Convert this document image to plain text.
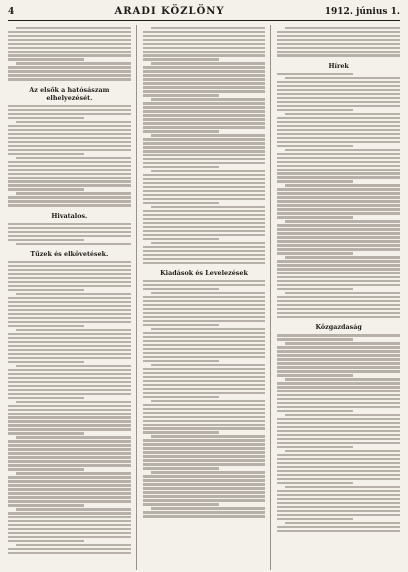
4	ARADI KÖZLÖNY	1912. június 1.
Az elsők a hatósászam elhelyezését.
Hivatalos.
Tűzek és elkövetések.
Kiadások és Levelezések
Hírek
Közgazdaság
